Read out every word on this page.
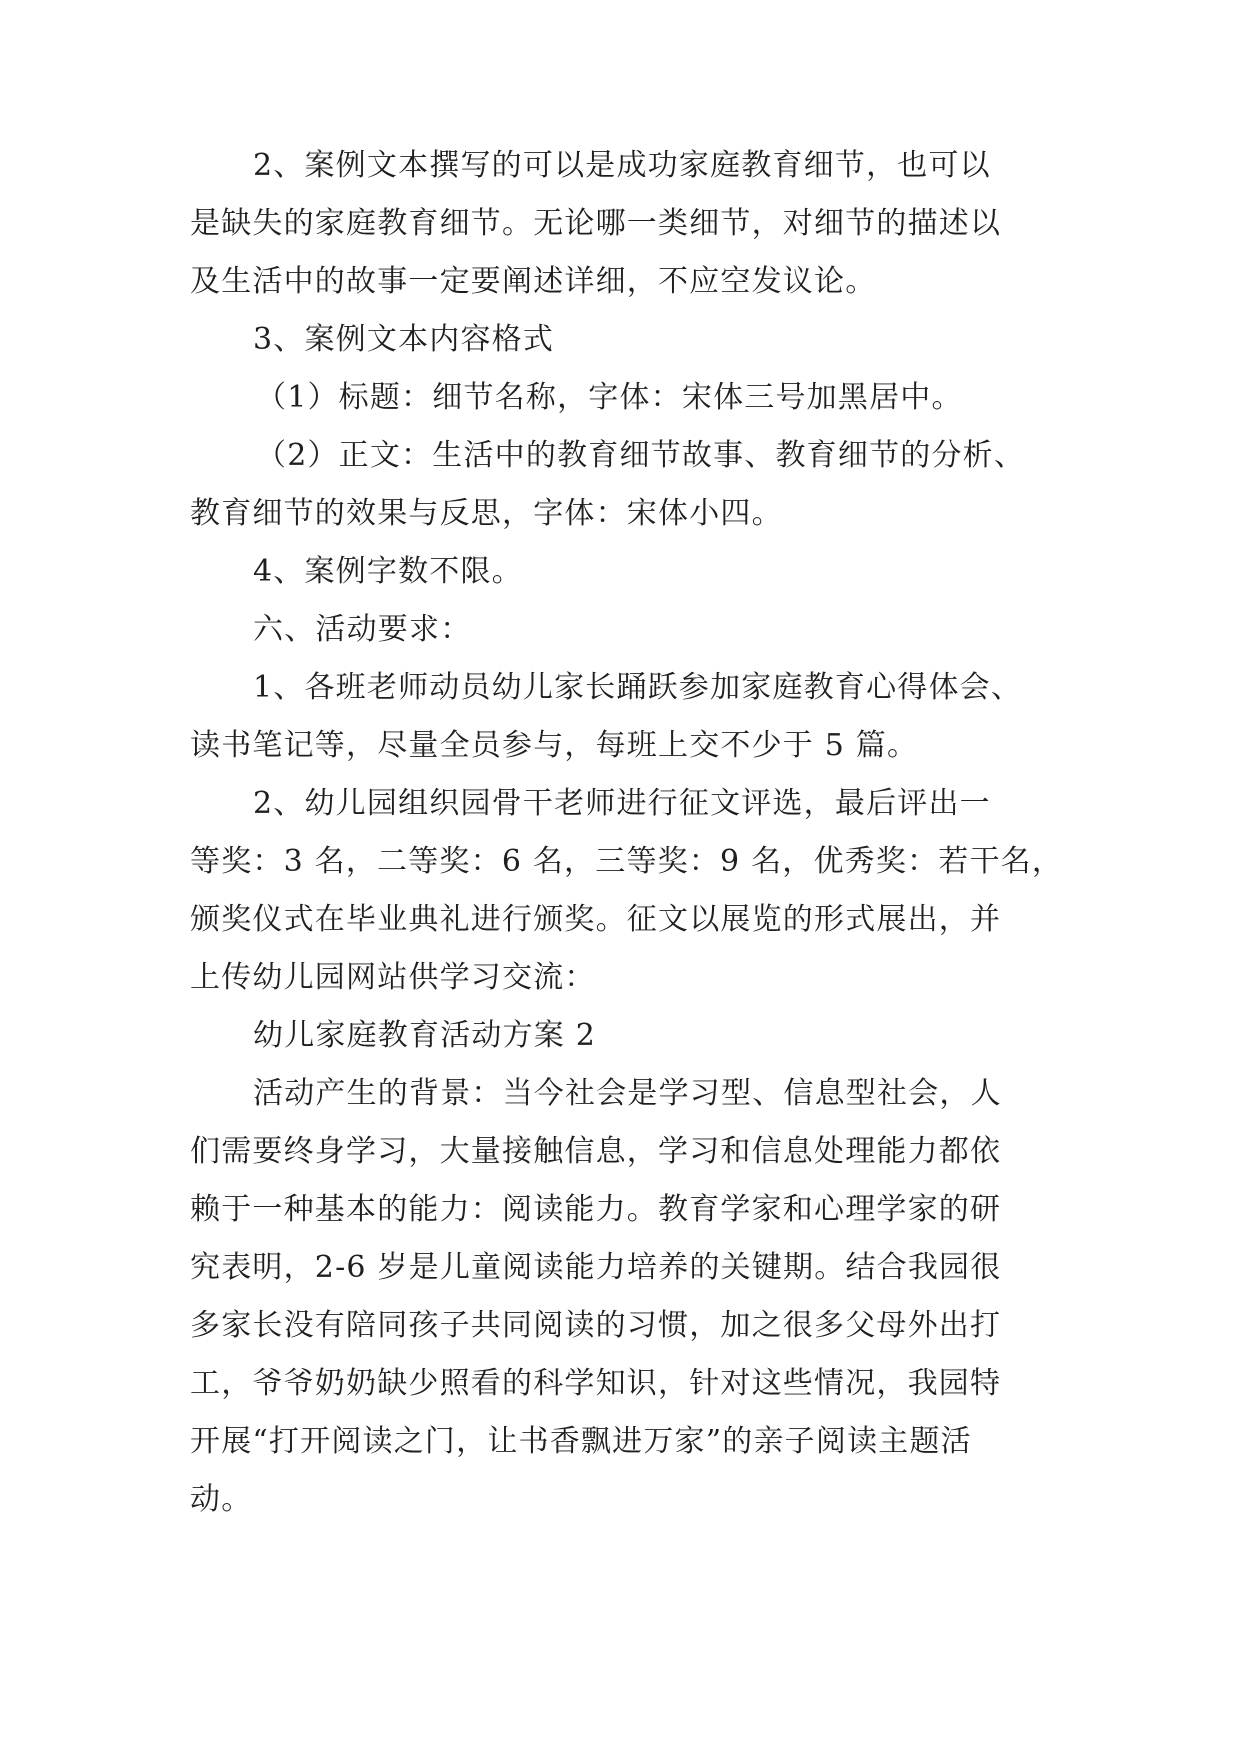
2、案例文本撰写的可以是成功家庭教育细节，也可以
是缺失的家庭教育细节。无论哪一类细节，对细节的描述以
及生活中的故事一定要阐述详细，不应空发议论。
3、案例文本内容格式
（1）标题：细节名称，字体：宋体三号加黑居中。
（2）正文：生活中的教育细节故事、教育细节的分析、
教育细节的效果与反思，字体：宋体小四。
4、案例字数不限。
六、活动要求：
1、各班老师动员幼儿家长踊跃参加家庭教育心得体会、
读书笔记等，尽量全员参与，每班上交不少于 5 篇。
2、幼儿园组织园骨干老师进行征文评选，最后评出一
等奖：3 名，二等奖：6 名，三等奖：9 名，优秀奖：若干名，
颁奖仪式在毕业典礼进行颁奖。征文以展览的形式展出，并
上传幼儿园网站供学习交流：
幼儿家庭教育活动方案 2
活动产生的背景：当今社会是学习型、信息型社会，人
们需要终身学习，大量接触信息，学习和信息处理能力都依
赖于一种基本的能力：阅读能力。教育学家和心理学家的研
究表明，2-6 岁是儿童阅读能力培养的关键期。结合我园很
多家长没有陪同孩子共同阅读的习惯，加之很多父母外出打
工，爷爷奶奶缺少照看的科学知识，针对这些情况，我园特
开展“打开阅读之门，让书香飘进万家”的亲子阅读主题活
动。
